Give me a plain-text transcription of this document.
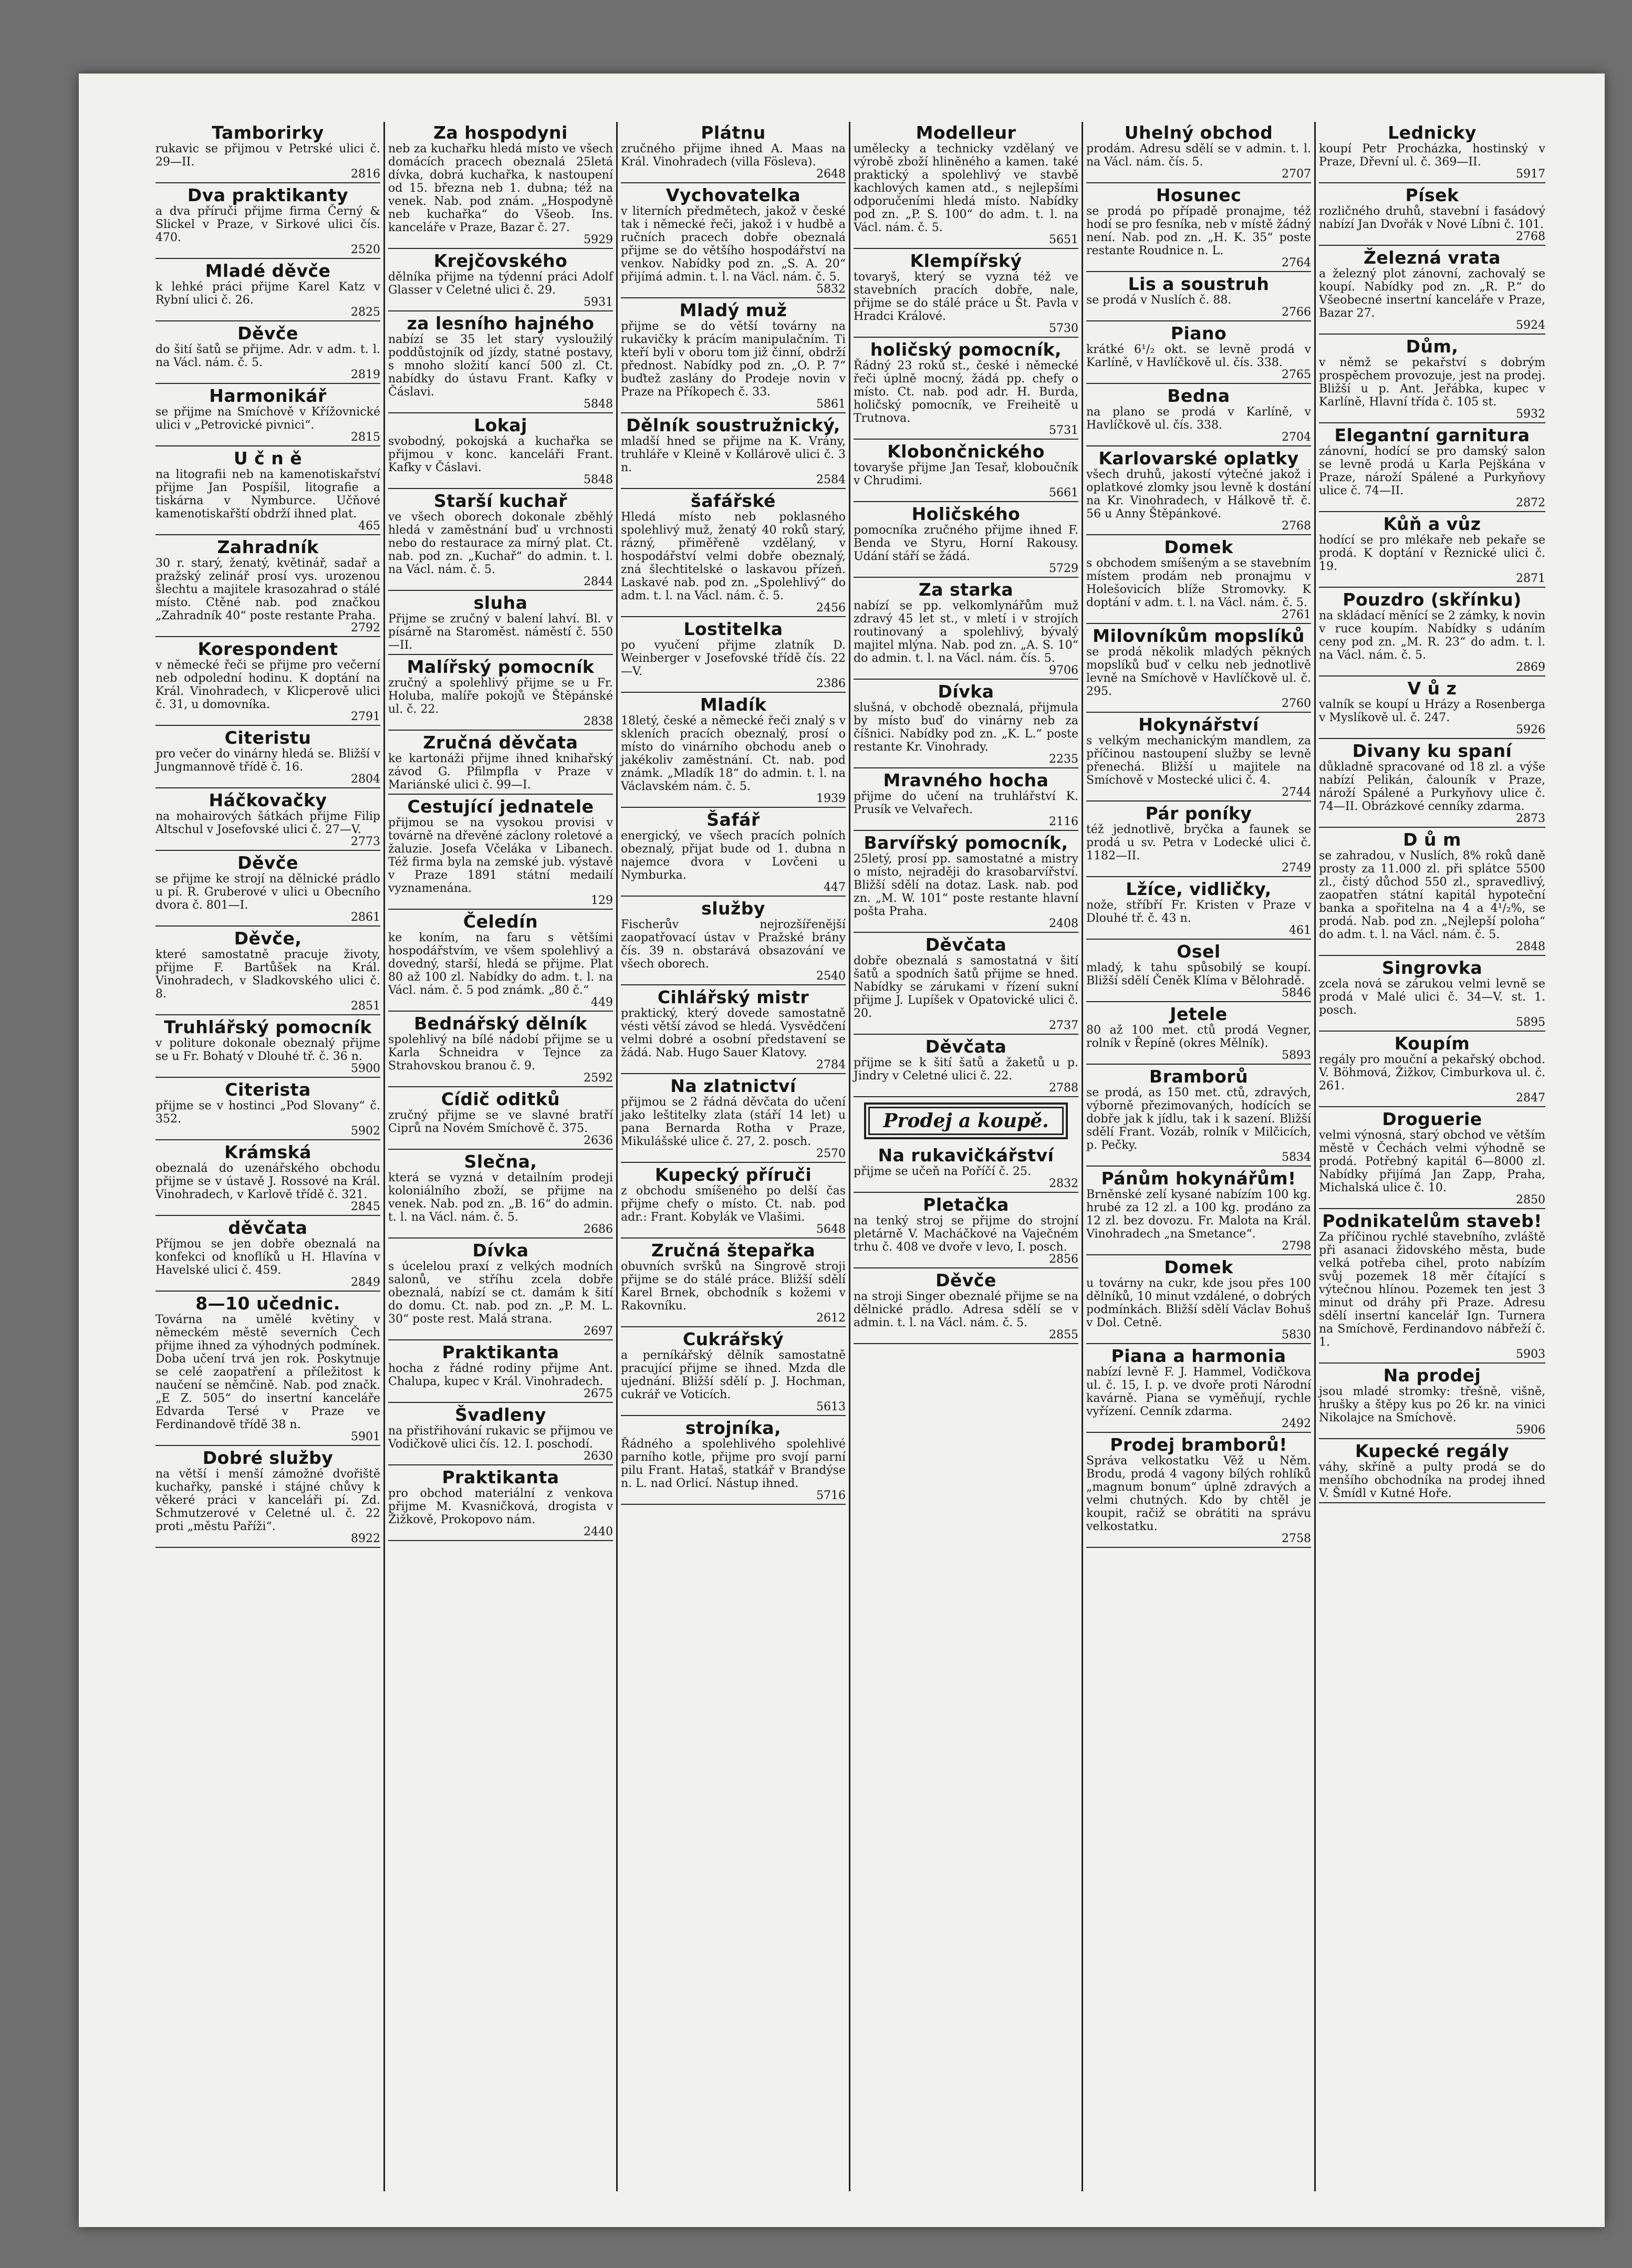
Tamborirky

rukavic se přijmou v Petrské ulici č. 29—II.

2816
Dva praktikanty

a dva příruči přijme firma Černý & Slickel v Praze, v Sirkové ulici čís. 470.

2520
Mladé děvče

k lehké práci přijme Karel Katz v Rybní ulici č. 26.

2825
Děvče

do šití šatů se přijme. Adr. v adm. t. l. na Václ. nám. č. 5.

2819
Harmonikář

se přijme na Smíchově v Křížovnické ulici v „Petrovické pivnici“.

2815
U č n ě

na litografii neb na kamenotiskařství přijme Jan Pospíšil, litografie a tiskárna v Nymburce. Učňové kamenotiskařští obdrží ihned plat.

465
Zahradník

30 r. starý, ženatý, květinář, sadař a pražský zelinář prosí vys. urozenou šlechtu a majitele krasozahrad o stálé místo. Ctěné nab. pod značkou „Zahradník 40“ poste restante Praha.

2792
Korespondent

v německé řeči se přijme pro večerní neb odpolední hodinu. K doptání na Král. Vinohradech, v Klicperově ulici č. 31, u domovníka.

2791
Citeristu

pro večer do vinárny hledá se. Bližší v Jungmannově třídě č. 16.

2804
Háčkovačky

na mohairových šátkách přijme Filip Altschul v Josefovské ulici č. 27—V.

2773
Děvče

se přijme ke strojí na dělnické prádlo u pí. R. Gruberové v ulici u Obecního dvora č. 801—I.

2861
Děvče,

které samostatně pracuje životy, přijme F. Bartůšek na Král. Vinohradech, v Sladkovského ulici č. 8.

2851
Truhlářský pomocník

v politure dokonale obeznalý přijme se u Fr. Bohatý v Dlouhé tř. č. 36 n.

5900
Citerista

přijme se v hostinci „Pod Slovany“ č. 352.

5902
Krámská

obeznalá do uzenářského obchodu přijme se v ústavě J. Rossové na Král. Vinohradech, v Karlově třídě č. 321.

2845
děvčata

Příjmou se jen dobře obeznalá na konfekci od knoflíků u H. Hlavína v Havelské ulici č. 459.

2849
8—10 učednic.

Továrna na umělé květiny v německém městě severních Čech přijme ihned za výhodných podmínek. Doba učení trvá jen rok. Poskytnuje se celé zaopatření a příležitost k naučení se němčině. Nab. pod značk. „E Z. 505“ do insertní kanceláře Edvarda Tersé v Praze ve Ferdinandově třídě 38 n.

5901
Dobré služby

na větší i menší zámožné dvořiště kuchařky, panské i stájné chůvy k věkeré práci v kanceláři pí. Zd. Schmutzerové v Celetné ul. č. 22 proti „městu Paříži“.

8922
Za hospodyni

neb za kuchařku hledá místo ve všech domácích pracech obeznalá 25letá dívka, dobrá kuchařka, k nastoupení od 15. března neb 1. dubna; též na venek. Nab. pod znám. „Hospodyně neb kuchařka“ do Všeob. Ins. kanceláře v Praze, Bazar č. 27.

5929
Krejčovského

dělníka přijme na týdenní práci Adolf Glasser v Celetné ulici č. 29.

5931
za lesního hajného

nabízí se 35 let starý vysloužilý poddůstojník od jízdy, statné postavy, s mnoho složití kancí 500 zl. Ct. nabídky do ústavu Frant. Kafky v Čáslavi.

5848
Lokaj

svobodný, pokojská a kuchařka se přijmou v konc. kanceláři Frant. Kafky v Čáslavi.

5848
Starší kuchař

ve všech oborech dokonale zběhlý hledá v zaměstnání buď u vrchnosti nebo do restaurace za mírný plat. Ct. nab. pod zn. „Kuchař“ do admin. t. l. na Václ. nám. č. 5.

2844
sluha

Přijme se zručný v balení lahví. Bl. v písárně na Staroměst. náměstí č. 550—II.

Malířský pomocník

zručný a spolehlivý přijme se u Fr. Holuba, malíře pokojů ve Štěpánské ul. č. 22.

2838
Zručná děvčata

ke kartonáži přijme ihned knihařský závod G. Pfilmpfla v Praze v Mariánské ulici č. 99—I.

Cestující jednatele

přijmou se na vysokou provisi v továrně na dřevěné záclony roletové a žaluzie. Josefa Včeláka v Libanech. Též firma byla na zemské jub. výstavě v Praze 1891 státní medailí vyznamenána.

129
Čeledín

ke koním, na faru s většími hospodářstvím, ve všem spolehlivý a dovedný, starší, hledá se přijme. Plat 80 až 100 zl. Nabídky do adm. t. l. na Václ. nám. č. 5 pod známk. „80 č.“

449
Bednářský dělník

spolehlivý na bílé nádobí přijme se u Karla Schneidra v Tejnce za Strahovskou branou č. 9.

2592
Cídič oditků

zručný přijme se ve slavné bratří Ciprů na Novém Smíchově č. 375.

2636
Slečna,

která se vyzná v detailním prodeji koloniálního zboží, se přijme na venek. Nab. pod zn. „B. 16“ do admin. t. l. na Václ. nám. č. 5.

2686
Dívka

s úcelelou praxí z velkých modních salonů, ve stříhu zcela dobře obeznalá, nabízí se ct. damám k šití do domu. Ct. nab. pod zn. „P. M. L. 30“ poste rest. Malá strana.

2697
Praktikanta

hocha z řádné rodiny přijme Ant. Chalupa, kupec v Král. Vinohradech.

2675
Švadleny

na přistřihování rukavic se přijmou ve Vodičkově ulici čís. 12. I. poschodí.

2630
Praktikanta

pro obchod materiální z venkova přijme M. Kvasničková, drogista v Žižkově, Prokopovo nám.

2440
Plátnu

zručného přijme ihned A. Maas na Král. Vinohradech (villa Fösleva).

2648
Vychovatelka

v literních předmětech, jakož v české tak i německé řeči, jakož i v hudbě a ručních pracech dobře obeznalá přijme se do většího hospodářství na venkov. Nabídky pod zn. „S. A. 20“ přijímá admin. t. l. na Václ. nám. č. 5.

5832
Mladý muž

přijme se do větší továrny na rukavičky k prácím manipulačním. Ti kteří byli v oboru tom již činní, obdrží přednost. Nabídky pod zn. „O. P. 7“ buďtež zaslány do Prodeje novin v Praze na Příkopech č. 33.

5861
Dělník soustružnický,

mladší hned se přijme na K. Vrány, truhláře v Kleině v Kollárově ulici č. 3 n.

2584
šafářské

Hledá místo neb poklasného spolehlivý muž, ženatý 40 roků starý, rázný, přiměřeně vzdělaný, v hospodářství velmi dobře obeznalý, zná šlechtitelské o laskavou přízeň. Laskavé nab. pod zn. „Spolehlivý“ do adm. t. l. na Václ. nám. č. 5.

2456
Lostitelka

po vyučení přijme zlatník D. Weinberger v Josefovské třídě čís. 22—V.

2386
Mladík

18letý, české a německé řeči znalý s v skleních pracích obeznalý, prosí o místo do vinárního obchodu aneb o jakékoliv zaměstnání. Ct. nab. pod známk. „Mladík 18“ do admin. t. l. na Václavském nám. č. 5.

1939
Šafář

energický, ve všech pracích polních obeznalý, přijat bude od 1. dubna n najemce dvora v Lovčeni u Nymburka.

447
služby

Fischerův nejrozšířenější zaopatřovací ústav v Pražské brány čís. 39 n. obstarává obsazování ve všech oborech.

2540
Cihlářský mistr

praktický, který dovede samostatně vésti větší závod se hledá. Vysvědčení velmi dobré a osobní představení se žádá. Nab. Hugo Sauer Klatovy.

2784
Na zlatnictví

přijmou se 2 řádná děvčata do učení jako leštitelky zlata (stáří 14 let) u pana Bernarda Rotha v Praze, Mikulášské ulice č. 27, 2. posch.

2570
Kupecký příruči

z obchodu smíšeného po delší čas přijme chefy o místo. Ct. nab. pod adr.: Frant. Kobylák ve Vlašimi.

5648
Zručná štepařka

obuvních svršků na Singrově stroji přijme se do stálé práce. Bližší sdělí Karel Brnek, obchodník s kožemi v Rakovníku.

2612
Cukrářský

a perníkářský dělník samostatně pracující přijme se ihned. Mzda dle ujednání. Bližší sdělí p. J. Hochman, cukrář ve Voticích.

5613
strojníka,

Řádného a spolehlivého spolehlivé parního kotle, přijme pro svojí parní pilu Frant. Hataš, statkář v Brandýse n. L. nad Orlicí. Nástup ihned.

5716
Modelleur

umělecky a technicky vzdělaný ve výrobě zboží hliněného a kamen. také praktický a spolehlivý ve stavbě kachlových kamen atd., s nejlepšími odporučeními hledá místo. Nabídky pod zn. „P. S. 100“ do adm. t. l. na Václ. nám. č. 5.

5651
Klempířský

tovaryš, který se vyzná též ve stavebních pracích dobře, nale, přijme se do stálé práce u Št. Pavla v Hradci Králové.

5730
holičský pomocník,

Řádný 23 roků st., české i německé řeči úplně mocný, žádá pp. chefy o místo. Ct. nab. pod adr. H. Burda, holičský pomocník, ve Freiheitě u Trutnova.

5731
Klobončnického

tovaryše přijme Jan Tesař, kloboučník v Chrudimi.

5661
Holičského

pomocníka zručného přijme ihned F. Benda ve Styru, Horní Rakousy. Udání stáří se žádá.

5729
Za starka

nabízí se pp. velkomlynářům muž zdravý 45 let st., v mletí i v strojích routinovaný a spolehlivý, bývalý majitel mlýna. Nab. pod zn. „A. S. 10“ do admin. t. l. na Václ. nám. čís. 5.

9706
Dívka

slušná, v obchodě obeznalá, přijmula by místo buď do vinárny neb za číšnici. Nabídky pod zn. „K. L.“ poste restante Kr. Vinohrady.

2235
Mravného hocha

přijme do učení na truhlářství K. Prusík ve Velvařech.

2116
Barvířský pomocník,

25letý, prosí pp. samostatné a mistry o místo, nejraději do krasobarvířství. Bližší sdělí na dotaz. Lask. nab. pod zn. „M. W. 101“ poste restante hlavní pošta Praha.

2408
Děvčata

dobře obeznalá s samostatná v šití šatů a spodních šatů přijme se hned. Nabídky se zárukami v řízení sukní přijme J. Lupíšek v Opatovické ulici č. 20.

2737
Děvčata

přijme se k šití šatů a žaketů u p. Jindry v Celetné ulici č. 22.

2788
Prodej a koupě.
Na rukavičkářství

přijme se učeň na Poříčí č. 25.

2832
Pletačka

na tenký stroj se přijme do strojní pletárně V. Macháčkové na Vaječném trhu č. 408 ve dvoře v levo, I. posch.

2856
Děvče

na stroji Singer obeznalé přijme se na dělnické prádlo. Adresa sdělí se v admin. t. l. na Václ. nám. č. 5.

2855
Uhelný obchod

prodám. Adresu sdělí se v admin. t. l. na Václ. nám. čís. 5.

2707
Hosunec

se prodá po případě pronajme, též hodí se pro fesníka, neb v místě žádný není. Nab. pod zn. „H. K. 35“ poste restante Roudnice n. L.

2764
Lis a soustruh

se prodá v Nuslích č. 88.

2766
Piano

krátké 6¹/₂ okt. se levně prodá v Karlíně, v Havlíčkově ul. čís. 338.

2765
Bedna

na plano se prodá v Karlíně, v Havlíčkově ul. čís. 338.

2704
Karlovarské oplatky

všech druhů, jakostí výtečné jakož i oplatkové zlomky jsou levně k dostání na Kr. Vinohradech, v Hálkově tř. č. 56 u Anny Štěpánkové.

2768
Domek

s obchodem smíšeným a se stavebním místem prodám neb pronajmu v Holešovicích blíže Stromovky. K doptání v adm. t. l. na Václ. nám. č. 5.

2761
Milovníkům mopslíků

se prodá několik mladých pěkných mopslíků buď v celku neb jednotlivě levně na Smíchově v Havlíčkově ul. č. 295.

2760
Hokynářství

s velkým mechanickým mandlem, za příčinou nastoupení služby se levně přenechá. Bližší u majitele na Smíchově v Mostecké ulici č. 4.

2744
Pár poníky

též jednotlivě, bryčka a faunek se prodá u sv. Petra v Lodecké ulici č. 1182—II.

2749
Lžíce, vidličky,

nože, stříbří Fr. Kristen v Praze v Dlouhé tř. č. 43 n.

461
Osel

mladý, k tahu spůsobilý se koupí. Bližší sdělí Čeněk Klíma v Bělohradě.

5846
Jetele

80 až 100 met. ctů prodá Vegner, rolník v Řepíně (okres Mělník).

5893
Bramborů

se prodá, as 150 met. ctů, zdravých, výborně přezimovaných, hodících se dobře jak k jídlu, tak i k sazení. Bližší sdělí Frant. Vozáb, rolník v Milčicích, p. Pečky.

5834
Pánům hokynářům!

Brněnské zelí kysané nabízím 100 kg. hrubé za 12 zl. a 100 kg. prodáno za 12 zl. bez dovozu. Fr. Malota na Král. Vinohradech „na Smetance“.

2798
Domek

u továrny na cukr, kde jsou přes 100 dělníků, 10 minut vzdálené, o dobrých podmínkách. Bližší sdělí Václav Bohuš v Dol. Cetně.

5830
Piana a harmonia

nabízí levně F. J. Hammel, Vodičkova ul. č. 15, I. p. ve dvoře proti Národní kavárně. Piana se vyměňují, rychle vyřízení. Cenník zdarma.

2492
Prodej bramborů!

Správa velkostatku Věž u Něm. Brodu, prodá 4 vagony bílých rohlíků „magnum bonum“ úplně zdravých a velmi chutných. Kdo by chtěl je koupit, račiž se obrátiti na správu velkostatku.

2758
Lednicky

koupí Petr Procházka, hostinský v Praze, Dřevní ul. č. 369—II.

5917
Písek

rozličného druhů, stavební i fasádový nabízí Jan Dvořák v Nové Líbni č. 101.

2768
Železná vrata

a železný plot zánovní, zachovalý se koupí. Nabídky pod zn. „R. P.“ do Všeobecné insertní kanceláře v Praze, Bazar 27.

5924
Dům,

v němž se pekařství s dobrým prospěchem provozuje, jest na prodej. Bližší u p. Ant. Jeřábka, kupec v Karlíně, Hlavní třída č. 105 st.

5932
Elegantní garnitura

zánovní, hodící se pro damský salon se levně prodá u Karla Pejškána v Praze, nároží Spálené a Purkyňovy ulice č. 74—II.

2872
Kůň a vůz

hodící se pro mlékaře neb pekaře se prodá. K doptání v Řeznické ulici č. 19.

2871
Pouzdro (skřínku)

na skládací měnící se 2 zámky, k novin v ruce koupím. Nabídky s udáním ceny pod zn. „M. R. 23“ do adm. t. l. na Václ. nám. č. 5.

2869
V ů z

valník se koupí u Hrázy a Rosenberga v Myslíkově ul. č. 247.

5926
Divany ku spaní

důkladně spracované od 18 zl. a výše nabízí Pelikán, čalouník v Praze, nároží Spálené a Purkyňovy ulice č. 74—II. Obrázkové cenníky zdarma.

2873
D ů m

se zahradou, v Nuslích, 8% roků daně prosty za 11.000 zl. při splátce 5500 zl., čistý důchod 550 zl., spravedlivý, zaopatřen státní kapitál hypoteční banka a spořitelna na 4 a 4¹/₂%, se prodá. Nab. pod zn. „Nejlepší poloha“ do adm. t. l. na Václ. nám. č. 5.

2848
Singrovka

zcela nová se zárukou velmi levně se prodá v Malé ulici č. 34—V. st. 1. posch.

5895
Koupím

regály pro mouční a pekařský obchod. V. Böhmová, Žižkov, Cimburkova ul. č. 261.

2847
Droguerie

velmi výnosná, starý obchod ve větším městě v Čechách velmi výhodně se prodá. Potřebný kapitál 6—8000 zl. Nabídky přijímá Jan Zapp, Praha, Michalská ulice č. 10.

2850
Podnikatelům staveb!

Za příčinou rychlé stavebního, zvláště při asanaci židovského města, bude velká potřeba cihel, proto nabízím svůj pozemek 18 měr čítající s výtečnou hlínou. Pozemek ten jest 3 minut od dráhy při Praze. Adresu sdělí insertní kancelář Ign. Turnera na Smíchově, Ferdinandovo nábřeží č. 1.

5903
Na prodej

jsou mladé stromky: třešně, višně, hrušky a štěpy kus po 26 kr. na vinici Nikolajce na Smíchově.

5906
Kupecké regály

váhy, skříně a pulty prodá se do menšího obchodníka na prodej ihned V. Šmídl v Kutné Hoře.
